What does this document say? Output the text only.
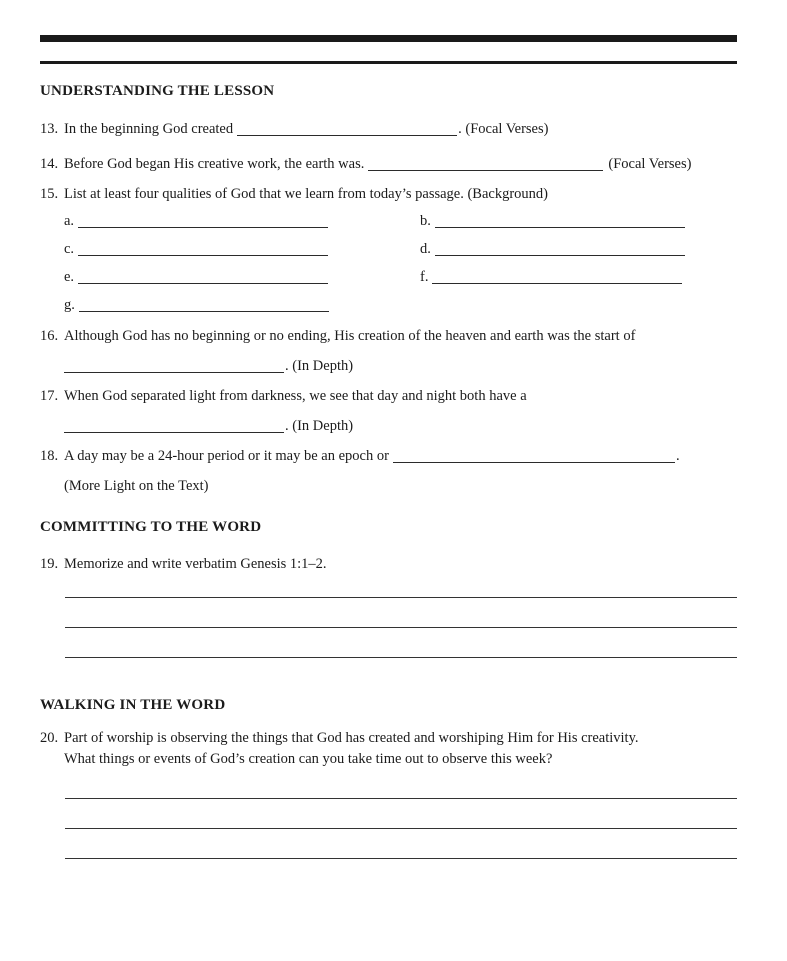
UNDERSTANDING THE LESSON
13. In the beginning God created	. (Focal Verses)
14. Before God began His creative work, the earth was.	(Focal Verses)
15. List at least four qualities of God that we learn from today’s passage. (Background)
a.	b.
c.	d.
e.	f.
g.
16. Although God has no beginning or no ending, His creation of the heaven and earth was the start of
. (In Depth)
17. When God separated light from darkness, we see that day and night both have a
. (In Depth)
18. A day may be a 24-hour period or it may be an epoch or	.
(More Light on the Text)
COMMITTING TO THE WORD
19. Memorize and write verbatim Genesis 1:1–2.
WALKING IN THE WORD
20. Part of worship is observing the things that God has created and worshiping Him for His creativity.
What things or events of God’s creation can you take time out to observe this week?
